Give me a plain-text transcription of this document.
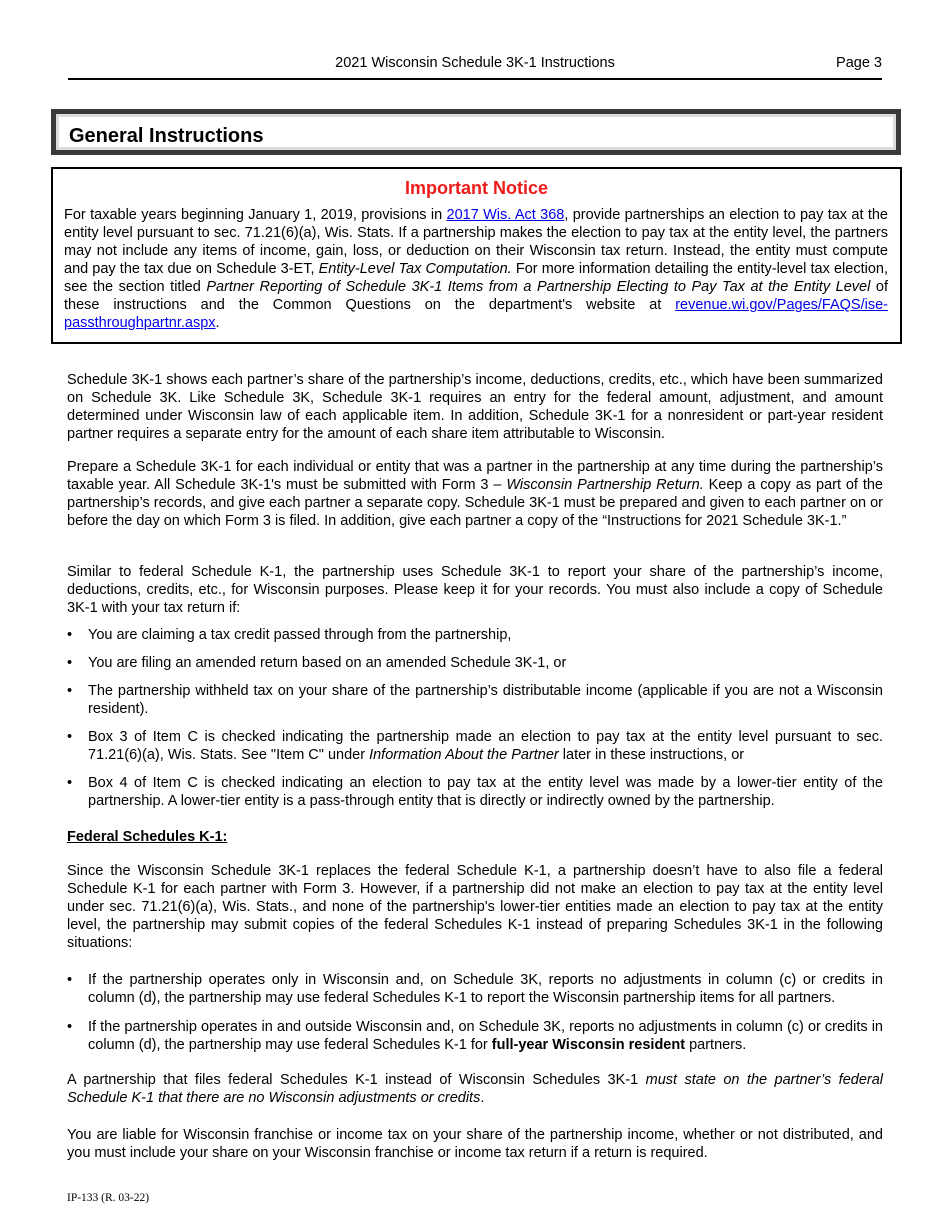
2021 Wisconsin Schedule 3K-1 Instructions	Page 3
General Instructions
Important Notice

For taxable years beginning January 1, 2019, provisions in 2017 Wis. Act 368, provide partnerships an election to pay tax at the entity level pursuant to sec. 71.21(6)(a), Wis. Stats. If a partnership makes the election to pay tax at the entity level, the partners may not include any items of income, gain, loss, or deduction on their Wisconsin tax return. Instead, the entity must compute and pay the tax due on Schedule 3-ET, Entity-Level Tax Computation. For more information detailing the entity-level tax election, see the section titled Partner Reporting of Schedule 3K-1 Items from a Partnership Electing to Pay Tax at the Entity Level of these instructions and the Common Questions on the department's website at revenue.wi.gov/Pages/FAQS/ise-passthroughpartnr.aspx.

Schedule 3K-1 shows each partner’s share of the partnership’s income, deductions, credits, etc., which have been summarized on Schedule 3K. Like Schedule 3K, Schedule 3K-1 requires an entry for the federal amount, adjustment, and amount determined under Wisconsin law of each applicable item. In addition, Schedule 3K-1 for a nonresident or part-year resident partner requires a separate entry for the amount of each share item attributable to Wisconsin.

Prepare a Schedule 3K-1 for each individual or entity that was a partner in the partnership at any time during the partnership’s taxable year. All Schedule 3K-1's must be submitted with Form 3 – Wisconsin Partnership Return. Keep a copy as part of the partnership’s records, and give each partner a separate copy. Schedule 3K-1 must be prepared and given to each partner on or before the day on which Form 3 is filed. In addition, give each partner a copy of the “Instructions for 2021 Schedule 3K-1.”

Similar to federal Schedule K-1, the partnership uses Schedule 3K-1 to report your share of the partnership’s income, deductions, credits, etc., for Wisconsin purposes. Please keep it for your records. You must also include a copy of Schedule 3K-1 with your tax return if:

• You are claiming a tax credit passed through from the partnership,
• You are filing an amended return based on an amended Schedule 3K-1, or
• The partnership withheld tax on your share of the partnership’s distributable income (applicable if you are not a Wisconsin resident).
• Box 3 of Item C is checked indicating the partnership made an election to pay tax at the entity level pursuant to sec. 71.21(6)(a), Wis. Stats. See "Item C" under Information About the Partner later in these instructions, or
• Box 4 of Item C is checked indicating an election to pay tax at the entity level was made by a lower-tier entity of the partnership. A lower-tier entity is a pass-through entity that is directly or indirectly owned by the partnership.
Federal Schedules K-1:

Since the Wisconsin Schedule 3K-1 replaces the federal Schedule K-1, a partnership doesn’t have to also file a federal Schedule K-1 for each partner with Form 3. However, if a partnership did not make an election to pay tax at the entity level under sec. 71.21(6)(a), Wis. Stats., and none of the partnership's lower-tier entities made an election to pay tax at the entity level, the partnership may submit copies of the federal Schedules K-1 instead of preparing Schedules 3K-1 in the following situations:

• If the partnership operates only in Wisconsin and, on Schedule 3K, reports no adjustments in column (c) or credits in column (d), the partnership may use federal Schedules K-1 to report the Wisconsin partnership items for all partners.
• If the partnership operates in and outside Wisconsin and, on Schedule 3K, reports no adjustments in column (c) or credits in column (d), the partnership may use federal Schedules K-1 for full-year Wisconsin resident partners.

A partnership that files federal Schedules K-1 instead of Wisconsin Schedules 3K-1 must state on the partner’s federal Schedule K-1 that there are no Wisconsin adjustments or credits.

You are liable for Wisconsin franchise or income tax on your share of the partnership income, whether or not distributed, and you must include your share on your Wisconsin franchise or income tax return if a return is required.

IP-133 (R. 03-22)
